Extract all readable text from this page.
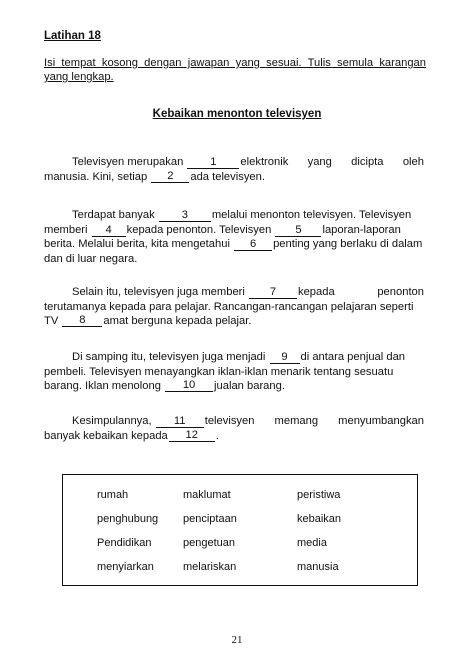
Latihan 18
Isi tempat kosong dengan jawapan yang sesuai. Tulis semula karangan
yang lengkap.
Kebaikan menonton televisyen
Televisyen merupakan 1 elektronik yang dicipta oleh
manusia. Kini, setiap
	2	ada televisyen.
Terdapat banyak 3 melalui menonton televisyen. Televisyen
memberi 4 kepada penonton. Televisyen 5 laporan-laporan
berita. Melalui berita, kita mengetahui 6 penting yang berlaku di dalam
dan di luar negara.
Selain itu, televisyen juga memberi 7 kepada	penonton
terutamanya kepada para pelajar. Rancangan-rancangan pelajaran seperti
TV
	8	amat berguna kepada pelajar.
Di samping itu, televisyen juga menjadi 9 di antara penjual dan
pembeli. Televisyen menayangkan iklan-iklan menarik tentang sesuatu
barang. Iklan menolong
	10	jualan barang.
Kesimpulannya, 11 televisyen memang menyumbangkan
banyak kebaikan kepada	12	.
rumah	maklumat	peristiwa
penghubung penciptaan	kebaikan
Pendidikan	pengetuan	media
menyiarkan	melariskan	manusia
21
